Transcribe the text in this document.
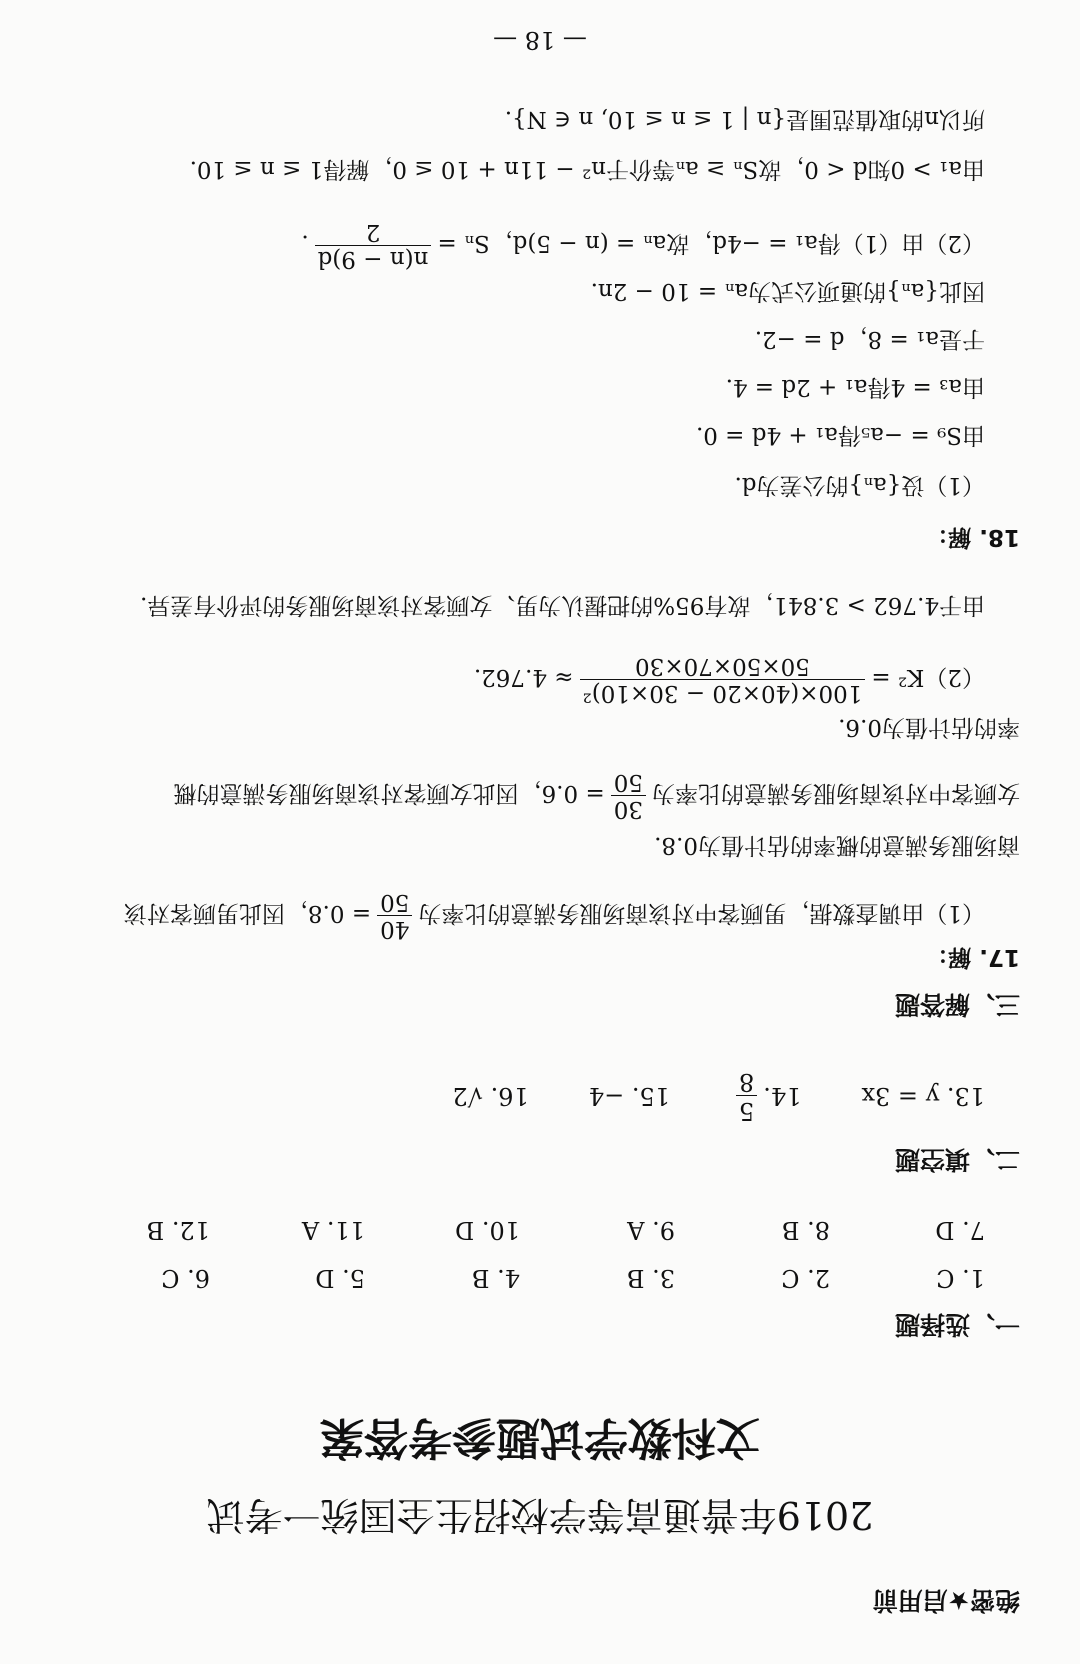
绝密★启用前
2019年普通高等学校招生全国统一考试
文科数学试题参考答案
一、选择题
1. C
2. C
3. B
4. B
5. D
6. C
7. D
8. B
9. A
10. D
11. A
12. B
二、填空题
13. y = 3x
14.
5
8
15. −4
16. √2
三、解答题
17. 解：
（1）由调查数据，男顾客中对该商场服务满意的比率为
40
50
= 0.8，因此男顾客对该
商场服务满意的概率的估计值为0.8．
女顾客中对该商场服务满意的比率为
30
50
= 0.6，因此女顾客对该商场服务满意的概
率的估计值为0.6．
（2）K² =
100×(40×20 − 30×10)²
50×50×70×30
≈ 4.762．
由于4.762 > 3.841，故有95%的把握认为男、女顾客对该商场服务的评价有差异．
18. 解：
（1）设{aₙ}的公差为d．
由S₉ = −a₅得a₁ + 4d = 0．
由a₃ = 4得a₁ + 2d = 4．
于是a₁ = 8，d = −2．
因此{aₙ}的通项公式为aₙ = 10 − 2n．
（2）由（1）得a₁ = −4d，故aₙ = (n − 5)d，Sₙ =
n(n − 9)d
2
．
由a₁ > 0知d < 0，故Sₙ ≥ aₙ等价于n² − 11n + 10 ≤ 0，解得1 ≤ n ≤ 10．
所以n的取值范围是{n | 1 ≤ n ≤ 10, n ∈ N}．
— 18 —
